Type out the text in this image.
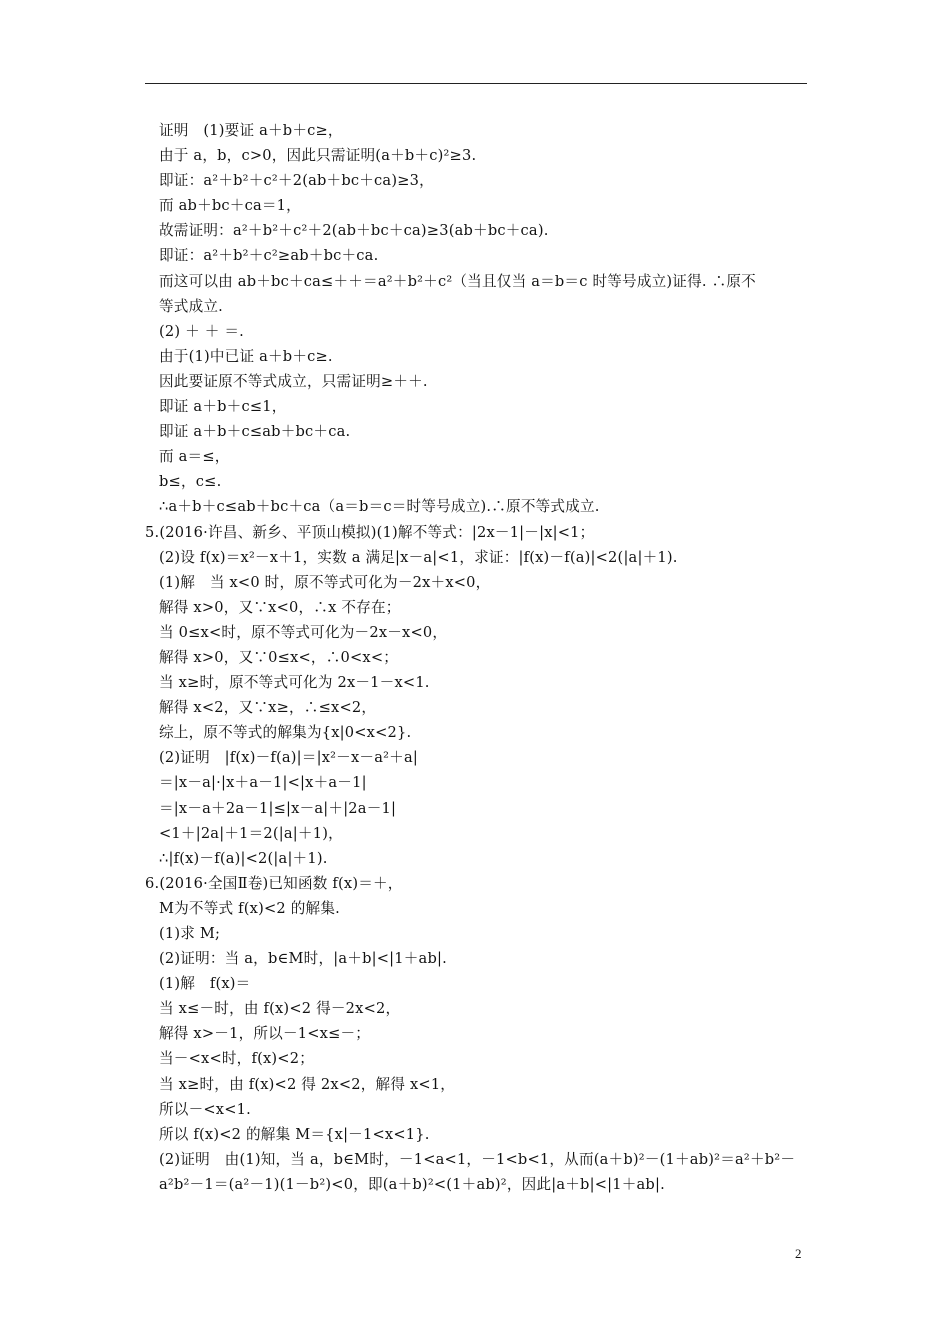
证明　(1)要证 a＋b＋c≥，
由于 a，b，c>0，因此只需证明(a＋b＋c)²≥3.
即证：a²＋b²＋c²＋2(ab＋bc＋ca)≥3，
而 ab＋bc＋ca＝1，
故需证明：a²＋b²＋c²＋2(ab＋bc＋ca)≥3(ab＋bc＋ca).
即证：a²＋b²＋c²≥ab＋bc＋ca.
而这可以由 ab＋bc＋ca≤＋＋＝a²＋b²＋c²（当且仅当 a＝b＝c 时等号成立)证得. ∴原不
等式成立.
(2) ＋ ＋ ＝.
由于(1)中已证 a＋b＋c≥.
因此要证原不等式成立，只需证明≥＋＋.
即证 a＋b＋c≤1，
即证 a＋b＋c≤ab＋bc＋ca.
而 a＝≤，
b≤，c≤.
∴a＋b＋c≤ab＋bc＋ca（a＝b＝c＝时等号成立).∴原不等式成立.
5.(2016·许昌、新乡、平顶山模拟)(1)解不等式：|2x－1|－|x|<1；
(2)设 f(x)＝x²－x＋1，实数 a 满足|x－a|<1，求证：|f(x)－f(a)|<2(|a|＋1).
(1)解　当 x<0 时，原不等式可化为－2x＋x<0，
解得 x>0，又∵x<0，∴x 不存在；
当 0≤x<时，原不等式可化为－2x－x<0，
解得 x>0，又∵0≤x<，∴0<x<；
当 x≥时，原不等式可化为 2x－1－x<1.
解得 x<2，又∵x≥，∴≤x<2，
综上，原不等式的解集为{x|0<x<2}.
(2)证明　|f(x)－f(a)|＝|x²－x－a²＋a|
＝|x－a|·|x＋a－1|<|x＋a－1|
＝|x－a＋2a－1|≤|x－a|＋|2a－1|
<1＋|2a|＋1＝2(|a|＋1)，
∴|f(x)－f(a)|<2(|a|＋1).
6.(2016·全国Ⅱ卷)已知函数 f(x)＝＋，
M为不等式 f(x)<2 的解集.
(1)求 M;
(2)证明：当 a，b∈M时，|a＋b|<|1＋ab|.
(1)解　f(x)＝
当 x≤－时，由 f(x)<2 得－2x<2，
解得 x>－1，所以－1<x≤－；
当－<x<时，f(x)<2；
当 x≥时，由 f(x)<2 得 2x<2，解得 x<1，
所以－<x<1.
所以 f(x)<2 的解集 M＝{x|－1<x<1}.
(2)证明　由(1)知，当 a，b∈M时，－1<a<1，－1<b<1，从而(a＋b)²－(1＋ab)²＝a²＋b²－
a²b²－1＝(a²－1)(1－b²)<0，即(a＋b)²<(1＋ab)²，因此|a＋b|<|1＋ab|.
2
